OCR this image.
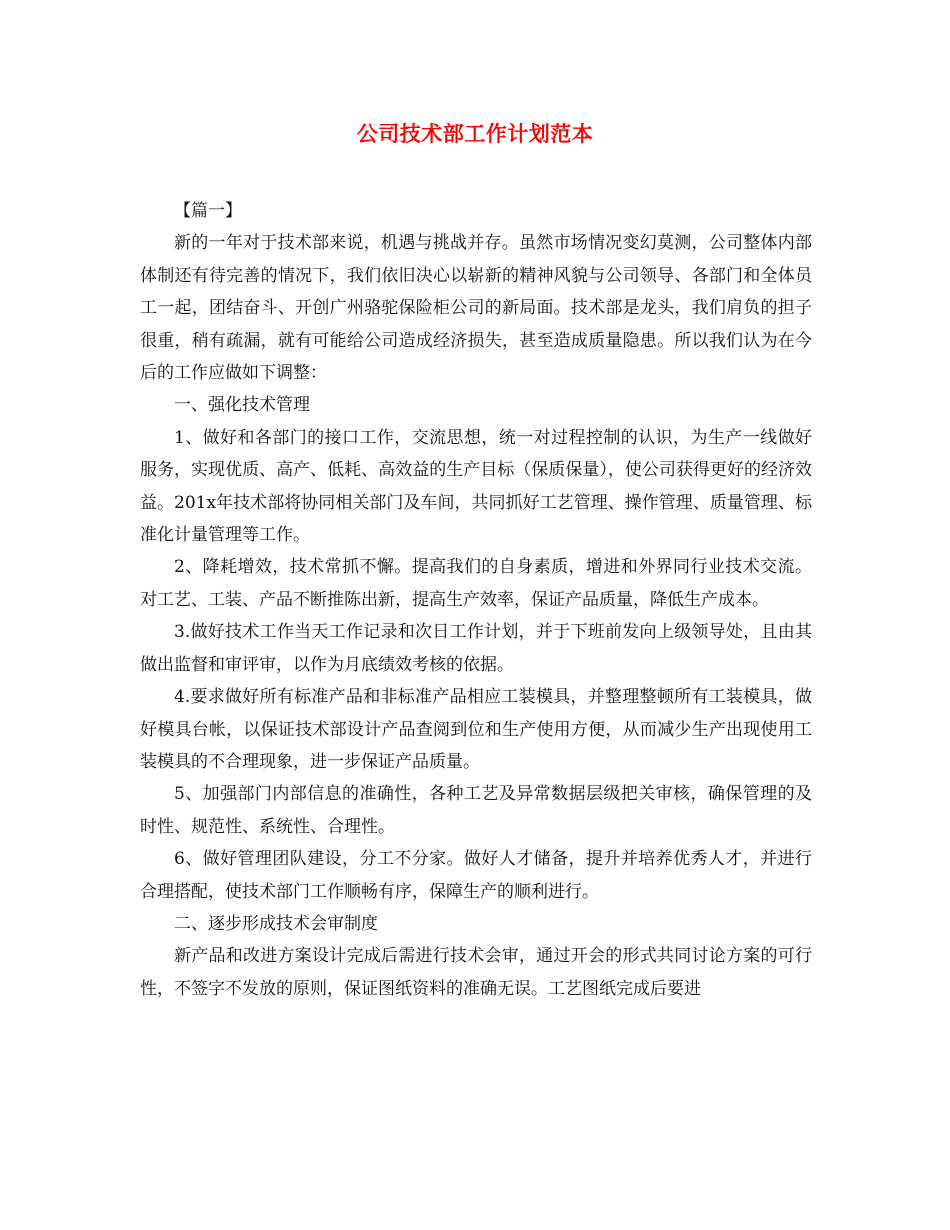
公司技术部工作计划范本

【篇一】

新的一年对于技术部来说，机遇与挑战并存。虽然市场情况变幻莫测，公司整体内部体制还有待完善的情况下，我们依旧决心以崭新的精神风貌与公司领导、各部门和全体员工一起，团结奋斗、开创广州骆驼保险柜公司的新局面。技术部是龙头，我们肩负的担子很重，稍有疏漏，就有可能给公司造成经济损失，甚至造成质量隐患。所以我们认为在今后的工作应做如下调整：

一、强化技术管理

1、做好和各部门的接口工作，交流思想，统一对过程控制的认识，为生产一线做好服务，实现优质、高产、低耗、高效益的生产目标（保质保量），使公司获得更好的经济效益。201x年技术部将协同相关部门及车间，共同抓好工艺管理、操作管理、质量管理、标准化计量管理等工作。

2、降耗增效，技术常抓不懈。提高我们的自身素质，增进和外界同行业技术交流。对工艺、工装、产品不断推陈出新，提高生产效率，保证产品质量，降低生产成本。

3.做好技术工作当天工作记录和次日工作计划，并于下班前发向上级领导处，且由其做出监督和审评审，以作为月底绩效考核的依据。

4.要求做好所有标准产品和非标准产品相应工装模具，并整理整顿所有工装模具，做好模具台帐，以保证技术部设计产品查阅到位和生产使用方便，从而减少生产出现使用工装模具的不合理现象，进一步保证产品质量。

5、加强部门内部信息的准确性，各种工艺及异常数据层级把关审核，确保管理的及时性、规范性、系统性、合理性。

6、做好管理团队建设，分工不分家。做好人才储备，提升并培养优秀人才，并进行合理搭配，使技术部门工作顺畅有序，保障生产的顺利进行。

二、逐步形成技术会审制度

新产品和改进方案设计完成后需进行技术会审，通过开会的形式共同讨论方案的可行性，不签字不发放的原则，保证图纸资料的准确无误。工艺图纸完成后要进
